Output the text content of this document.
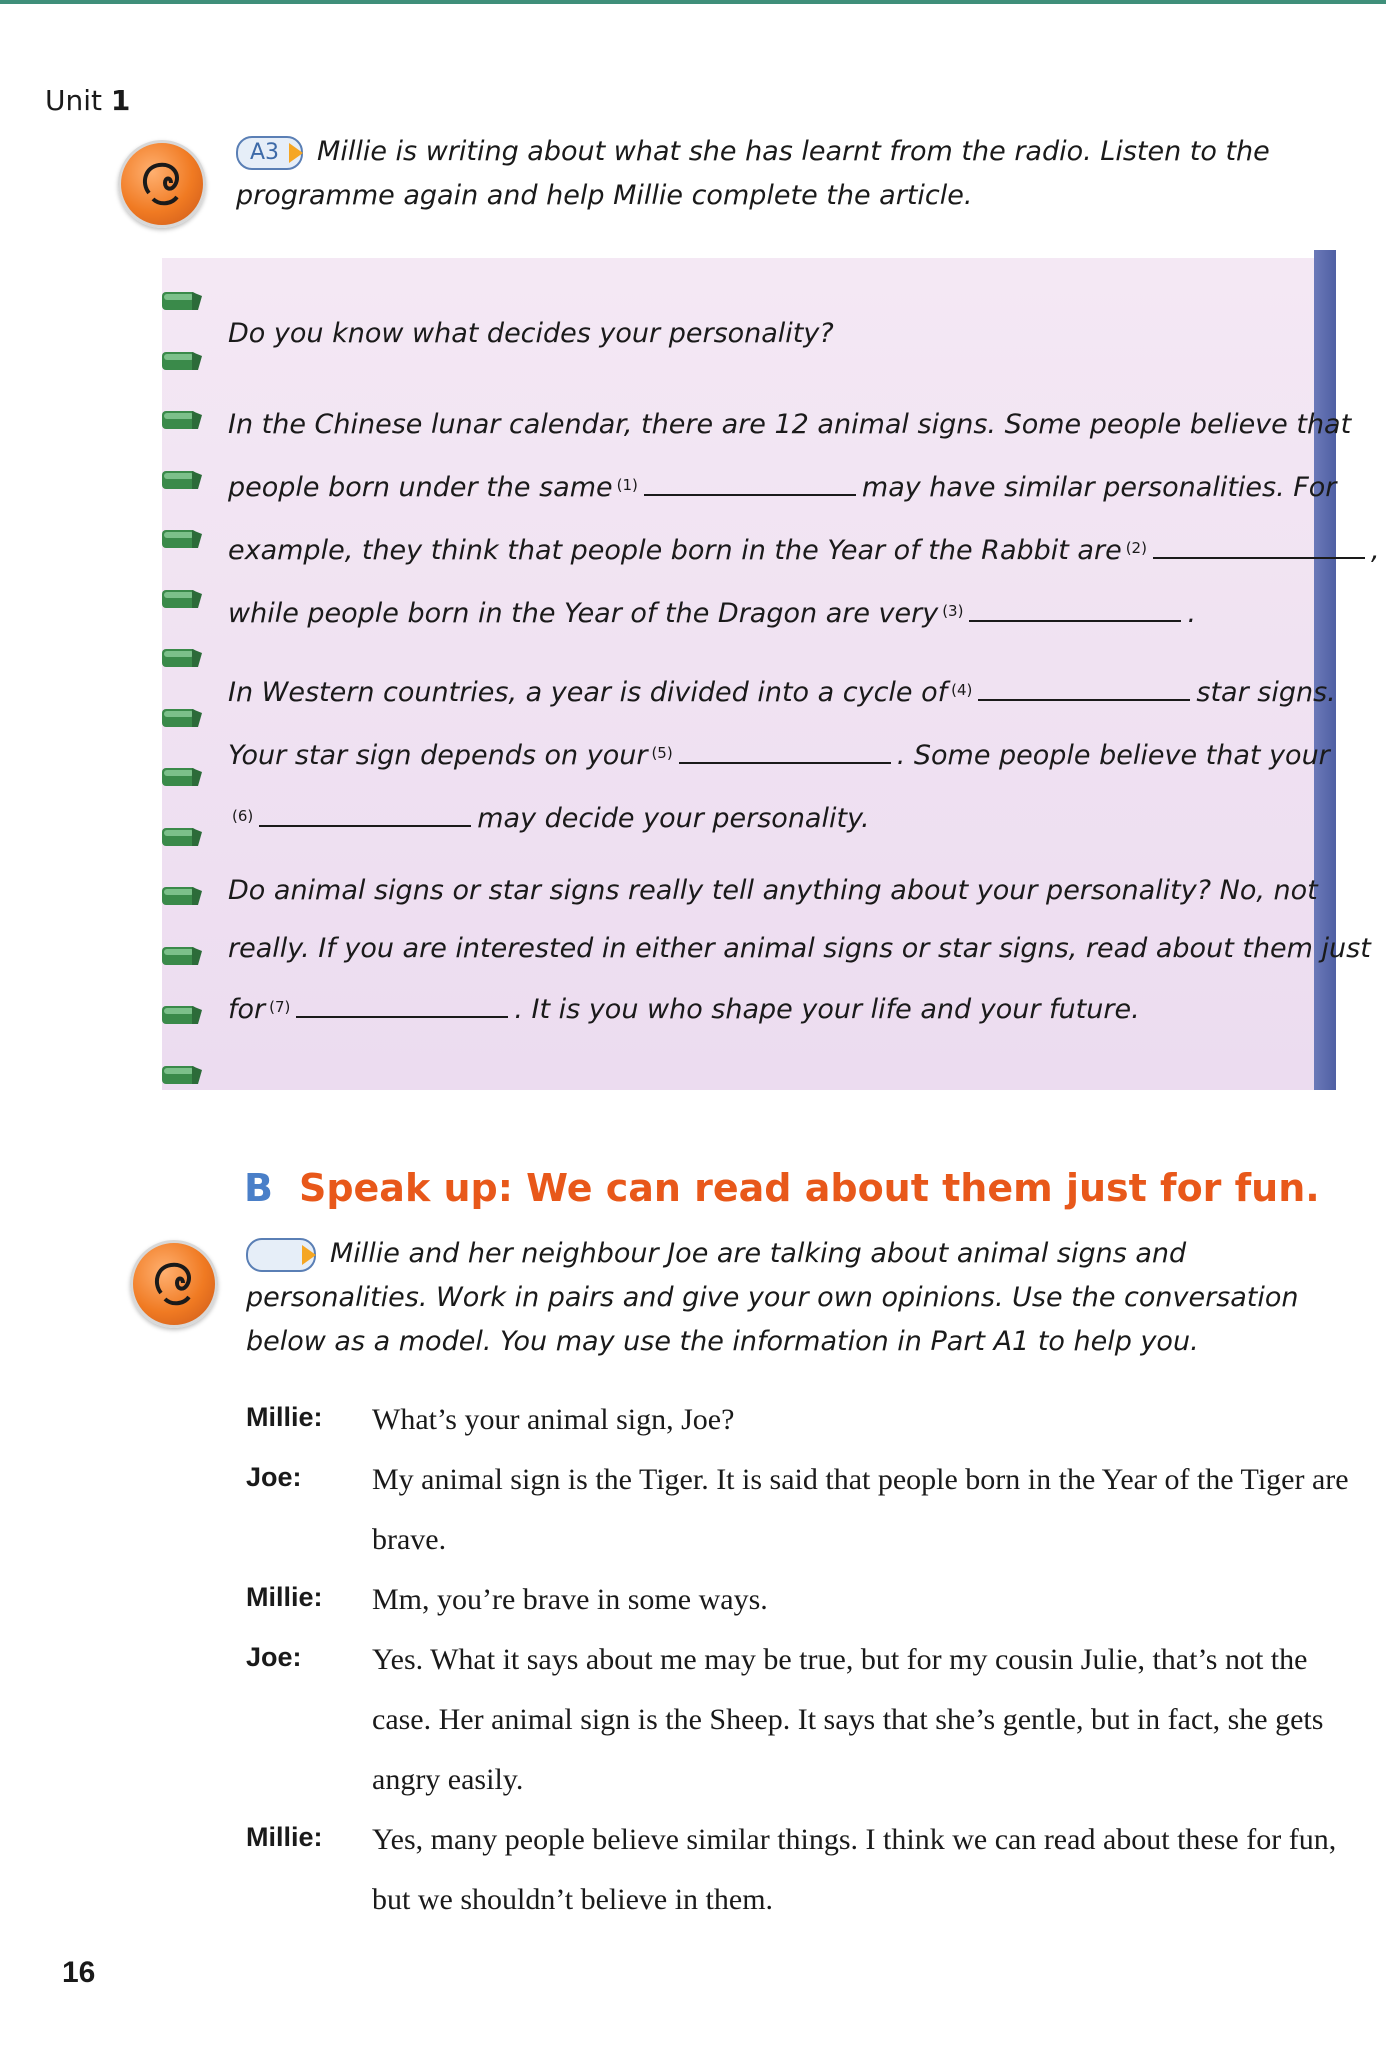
Unit 1
A3 Millie is writing about what she has learnt from the radio. Listen to the programme again and help Millie complete the article.

Do you know what decides your personality?

In the Chinese lunar calendar, there are 12 animal signs. Some people believe that

people born under the same $^{(1)}$	may have similar personalities. For

example, they think that people born in the Year of the Rabbit are $^{(2)}$	,

while people born in the Year of the Dragon are very $^{(3)}$	.

In Western countries, a year is divided into a cycle of $^{(4)}$	star signs.

Your star sign depends on your $^{(5)}$	. Some people believe that your

$^{(6)}$	may decide your personality.

Do animal signs or star signs really tell anything about your personality? No, not

really. If you are interested in either animal signs or star signs, read about them just

for $^{(7)}$	. It is you who shape your life and your future.

B Speak up: We can read about them just for fun.
Millie and her neighbour Joe are talking about animal signs and personalities. Work in pairs and give your own opinions. Use the conversation below as a model. You may use the information in Part A1 to help you.
Millie: What’s your animal sign, Joe?
Joe: My animal sign is the Tiger. It is said that people born in the Year of the Tiger are brave.
Millie: Mm, you’re brave in some ways.
Joe: Yes. What it says about me may be true, but for my cousin Julie, that’s not the case. Her animal sign is the Sheep. It says that she’s gentle, but in fact, she gets angry easily.
Millie: Yes, many people believe similar things. I think we can read about these for fun, but we shouldn’t believe in them.
16
